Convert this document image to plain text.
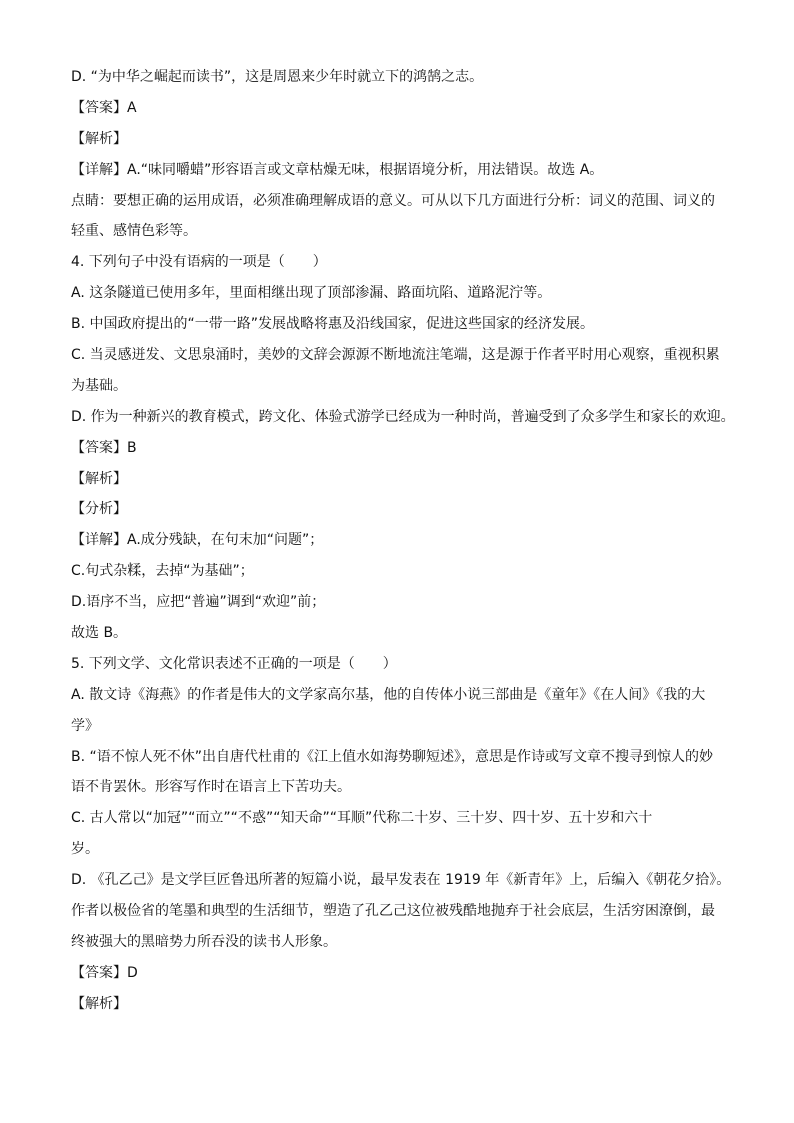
D. “为中华之崛起而读书”，这是周恩来少年时就立下的鸿鹄之志。
【答案】A
【解析】
【详解】A.“味同嚼蜡”形容语言或文章枯燥无味，根据语境分析，用法错误。故选 A。
点睛：要想正确的运用成语，必须准确理解成语的意义。可从以下几方面进行分析：词义的范围、词义的
轻重、感情色彩等。
4. 下列句子中没有语病的一项是（　　）
A. 这条隧道已使用多年，里面相继出现了顶部渗漏、路面坑陷、道路泥泞等。
B. 中国政府提出的“一带一路”发展战略将惠及沿线国家，促进这些国家的经济发展。
C. 当灵感迸发、文思泉涌时，美妙的文辞会源源不断地流注笔端，这是源于作者平时用心观察，重视积累
为基础。
D. 作为一种新兴的教育模式，跨文化、体验式游学已经成为一种时尚，普遍受到了众多学生和家长的欢迎。
【答案】B
【解析】
【分析】
【详解】A.成分残缺，在句末加“问题”；
C.句式杂糅，去掉“为基础”；
D.语序不当，应把“普遍”调到“欢迎”前；
故选 B。
5. 下列文学、文化常识表述不正确的一项是（　　）
A. 散文诗《海燕》的作者是伟大的文学家高尔基，他的自传体小说三部曲是《童年》《在人间》《我的大
学》
B. “语不惊人死不休”出自唐代杜甫的《江上值水如海势聊短述》，意思是作诗或写文章不搜寻到惊人的妙
语不肯罢休。形容写作时在语言上下苦功夫。
C. 古人常以“加冠”“而立”“不惑”“知天命”“耳顺”代称二十岁、三十岁、四十岁、五十岁和六十
岁。
D. 《孔乙己》是文学巨匠鲁迅所著的短篇小说，最早发表在 1919 年《新青年》上，后编入《朝花夕拾》。
作者以极俭省的笔墨和典型的生活细节，塑造了孔乙己这位被残酷地抛弃于社会底层，生活穷困潦倒，最
终被强大的黑暗势力所吞没的读书人形象。
【答案】D
【解析】
